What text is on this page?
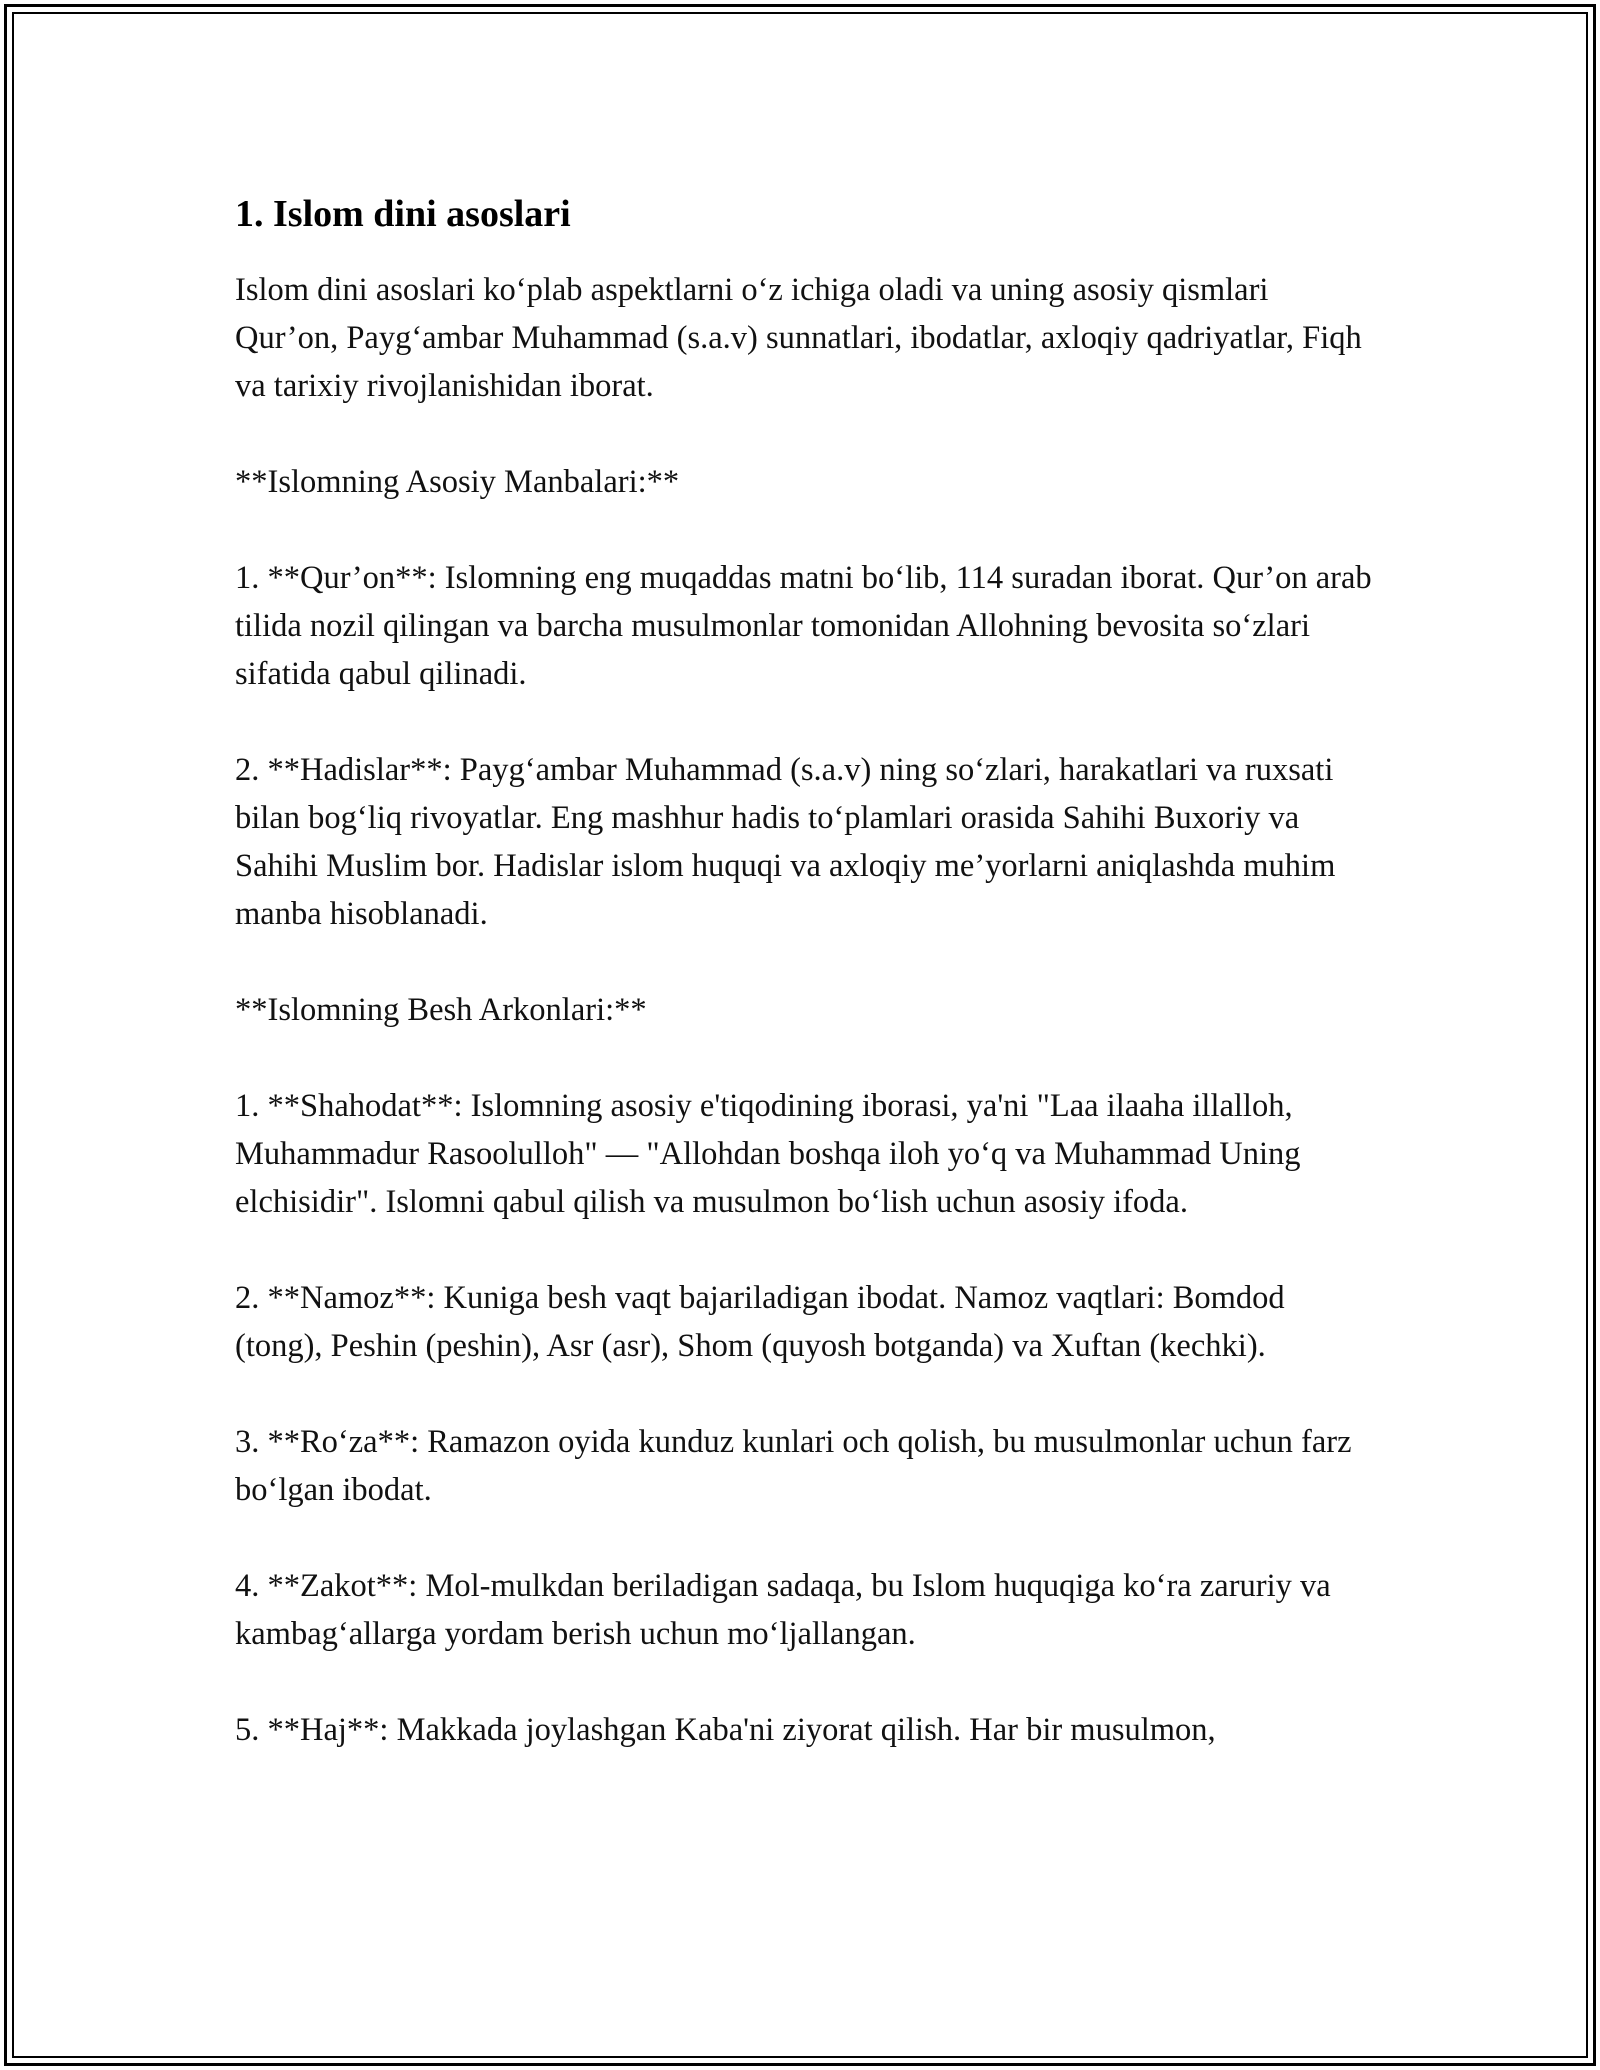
1. Islom dini asoslari

Islom dini asoslari ko‘plab aspektlarni o‘z ichiga oladi va uning asosiy qismlari Qur’on, Payg‘ambar Muhammad (s.a.v) sunnatlari, ibodatlar, axloqiy qadriyatlar, Fiqh va tarixiy rivojlanishidan iborat.

**Islomning Asosiy Manbalari:**

1. **Qur’on**: Islomning eng muqaddas matni bo‘lib, 114 suradan iborat. Qur’on arab tilida nozil qilingan va barcha musulmonlar tomonidan Allohning bevosita so‘zlari sifatida qabul qilinadi.

2. **Hadislar**: Payg‘ambar Muhammad (s.a.v) ning so‘zlari, harakatlari va ruxsati bilan bog‘liq rivoyatlar. Eng mashhur hadis to‘plamlari orasida Sahihi Buxoriy va Sahihi Muslim bor. Hadislar islom huquqi va axloqiy me’yorlarni aniqlashda muhim manba hisoblanadi.

**Islomning Besh Arkonlari:**

1. **Shahodat**: Islomning asosiy e'tiqodining iborasi, ya'ni "Laa ilaaha illalloh, Muhammadur Rasoolulloh" — "Allohdan boshqa iloh yo‘q va Muhammad Uning elchisidir". Islomni qabul qilish va musulmon bo‘lish uchun asosiy ifoda.

2. **Namoz**: Kuniga besh vaqt bajariladigan ibodat. Namoz vaqtlari: Bomdod (tong), Peshin (peshin), Asr (asr), Shom (quyosh botganda) va Xuftan (kechki).

3. **Ro‘za**: Ramazon oyida kunduz kunlari och qolish, bu musulmonlar uchun farz bo‘lgan ibodat.

4. **Zakot**: Mol-mulkdan beriladigan sadaqa, bu Islom huquqiga ko‘ra zaruriy va kambag‘allarga yordam berish uchun mo‘ljallangan.

5. **Haj**: Makkada joylashgan Kaba'ni ziyorat qilish. Har bir musulmon,
